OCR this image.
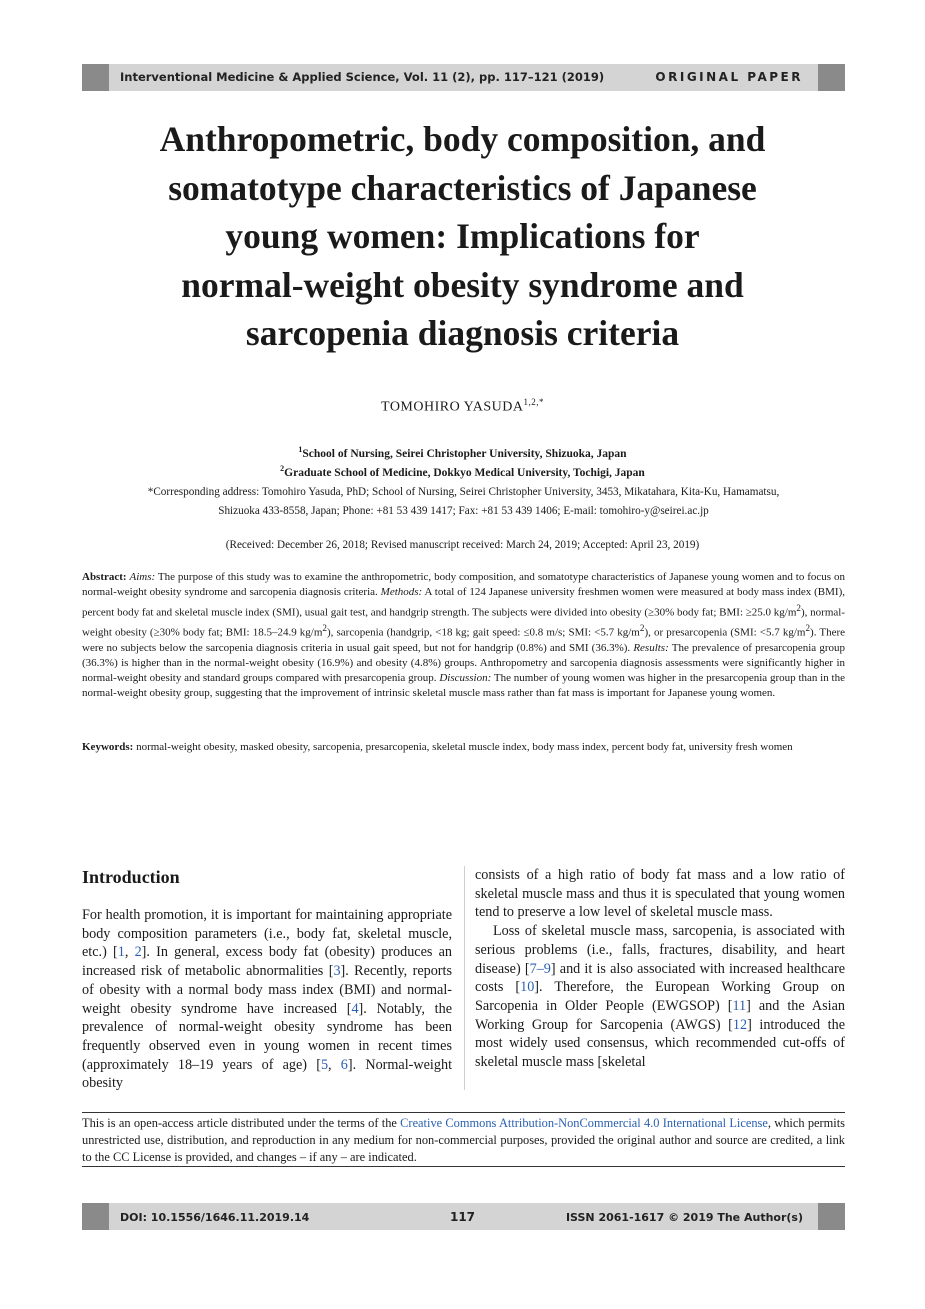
Interventional Medicine & Applied Science, Vol. 11 (2), pp. 117–121 (2019)	ORIGINAL PAPER
Anthropometric, body composition, and
somatotype characteristics of Japanese
young women: Implications for
normal-weight obesity syndrome and
sarcopenia diagnosis criteria
TOMOHIRO $YASUDA^{1,2,*}$
$^1$School of Nursing, Seirei Christopher University, Shizuoka, Japan
$^2$Graduate School of Medicine, Dokkyo Medical University, Tochigi, Japan
*Corresponding address: Tomohiro Yasuda, PhD; School of Nursing, Seirei Christopher University, 3453, Mikatahara, Kita-Ku, Hamamatsu,
Shizuoka 433-8558, Japan; Phone: +81 53 439 1417; Fax: +81 53 439 1406; E-mail: tomohiro-y@seirei.ac.jp
(Received: December 26, 2018; Revised manuscript received: March 24, 2019; Accepted: April 23, 2019)

Abstract: Aims: The purpose of this study was to examine the anthropometric, body composition, and somatotype characteristics of Japanese young women and to focus on normal-weight obesity syndrome and sarcopenia diagnosis criteria. Methods: A total of 124 Japanese university freshmen women were measured at body mass index (BMI), percent body fat and skeletal muscle index (SMI), usual gait test, and handgrip strength. The subjects were divided into obesity (≥30% body fat; BMI: ≥25.0 $kg/m^2$), normal-weight obesity (≥30% body fat; BMI: 18.5–24.9 $kg/m^2$), sarcopenia (handgrip, <18 kg; gait speed: ≤0.8 m/s; SMI: <5.7 $kg/m^2$), or presarcopenia (SMI: <5.7 $kg/m^2$). There were no subjects below the sarcopenia diagnosis criteria in usual gait speed, but not for handgrip (0.8%) and SMI (36.3%). Results: The prevalence of presarcopenia group (36.3%) is higher than in the normal-weight obesity (16.9%) and obesity (4.8%) groups. Anthropometry and sarcopenia diagnosis assessments were significantly higher in normal-weight obesity and standard groups compared with presarcopenia group. Discussion: The number of young women was higher in the presarcopenia group than in the normal-weight obesity group, suggesting that the improvement of intrinsic skeletal muscle mass rather than fat mass is important for Japanese young women.

Keywords: normal-weight obesity, masked obesity, sarcopenia, presarcopenia, skeletal muscle index, body mass index, percent body fat, university fresh women

Introduction

For health promotion, it is important for maintaining appropriate body composition parameters (i.e., body fat, skeletal muscle, etc.) [1, 2]. In general, excess body fat (obesity) produces an increased risk of metabolic abnormalities [3]. Recently, reports of obesity with a normal body mass index (BMI) and normal-weight obesity syndrome have increased [4]. Notably, the prevalence of normal-weight obesity syndrome has been frequently observed even in young women in recent times (approximately 18–19 years of age) [5, 6]. Normal-weight obesity

consists of a high ratio of body fat mass and a low ratio of skeletal muscle mass and thus it is speculated that young women tend to preserve a low level of skeletal muscle mass.

Loss of skeletal muscle mass, sarcopenia, is associated with serious problems (i.e., falls, fractures, disability, and heart disease) [7–9] and it is also associated with increased healthcare costs [10]. Therefore, the European Working Group on Sarcopenia in Older People (EWGSOP) [11] and the Asian Working Group for Sarcopenia (AWGS) [12] introduced the most widely used consensus, which recommended cut-offs of skeletal muscle mass [skeletal

This is an open-access article distributed under the terms of the Creative Commons Attribution-NonCommercial 4.0 International License, which permits unrestricted use, distribution, and reproduction in any medium for non-commercial purposes, provided the original author and source are credited, a link to the CC License is provided, and changes – if any – are indicated.

DOI: 10.1556/1646.11.2019.14	117	ISSN 2061-1617 © 2019 The Author(s)
